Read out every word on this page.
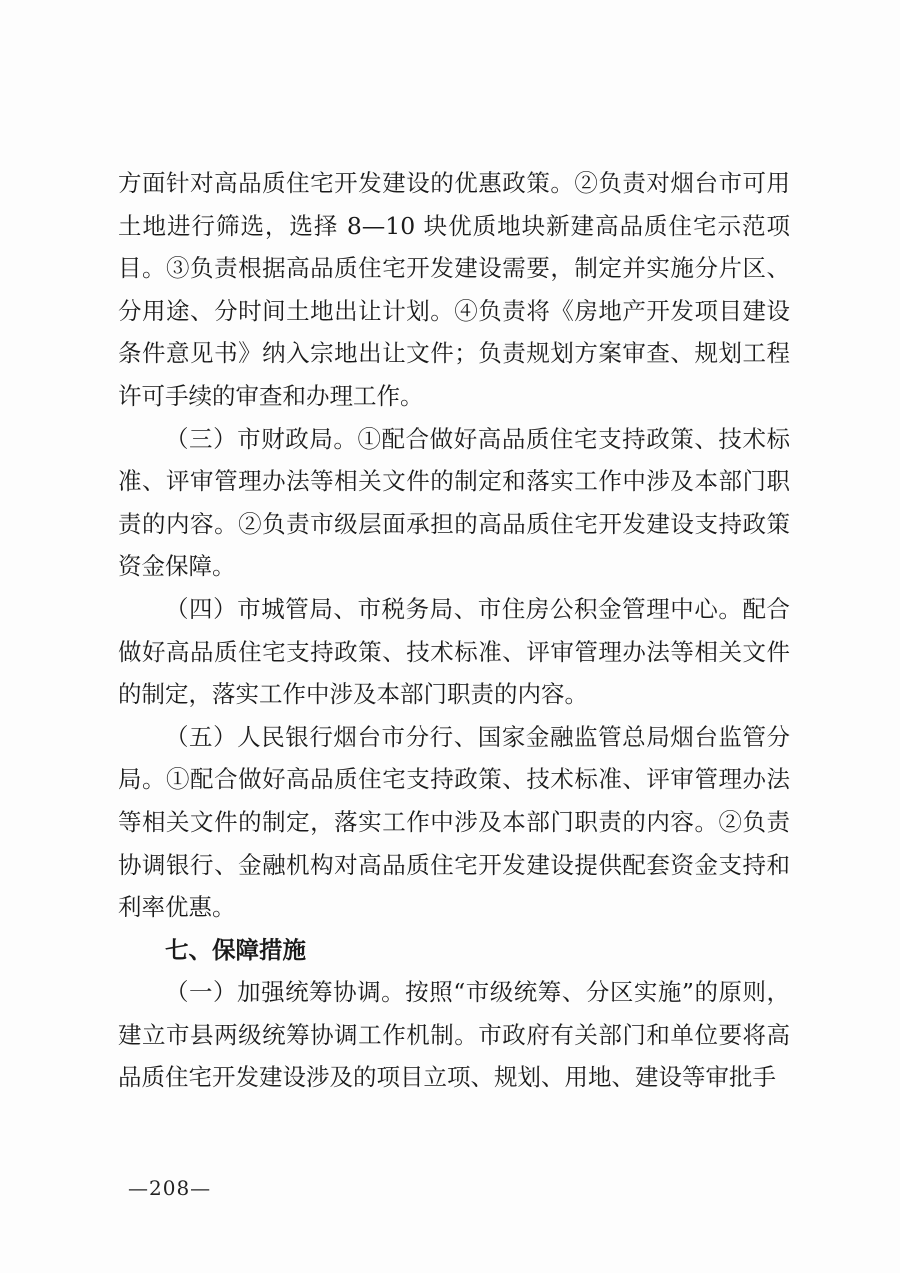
方面针对高品质住宅开发建设的优惠政策。②负责对烟台市可用土地进行筛选，选择 8—10 块优质地块新建高品质住宅示范项目。③负责根据高品质住宅开发建设需要，制定并实施分片区、分用途、分时间土地出让计划。④负责将《房地产开发项目建设条件意见书》纳入宗地出让文件；负责规划方案审查、规划工程许可手续的审查和办理工作。

（三）市财政局。①配合做好高品质住宅支持政策、技术标准、评审管理办法等相关文件的制定和落实工作中涉及本部门职责的内容。②负责市级层面承担的高品质住宅开发建设支持政策资金保障。

（四）市城管局、市税务局、市住房公积金管理中心。配合做好高品质住宅支持政策、技术标准、评审管理办法等相关文件的制定，落实工作中涉及本部门职责的内容。

（五）人民银行烟台市分行、国家金融监管总局烟台监管分局。①配合做好高品质住宅支持政策、技术标准、评审管理办法等相关文件的制定，落实工作中涉及本部门职责的内容。②负责协调银行、金融机构对高品质住宅开发建设提供配套资金支持和利率优惠。

七、保障措施

（一）加强统筹协调。按照“市级统筹、分区实施”的原则，建立市县两级统筹协调工作机制。市政府有关部门和单位要将高品质住宅开发建设涉及的项目立项、规划、用地、建设等审批手

—208—
